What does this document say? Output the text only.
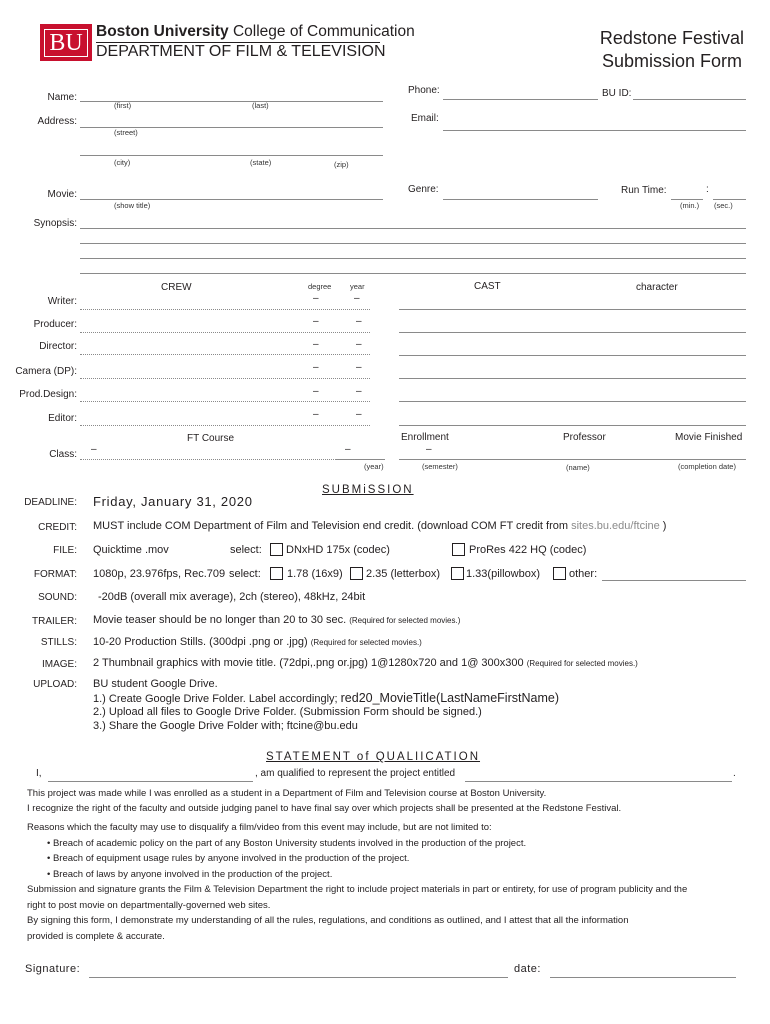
BU Boston University College of Communication
DEPARTMENT OF FILM & TELEVISION
Redstone Festival
Submission Form
Name:
(first)	(last)
Phone:	BU ID:
Address:
(street)
Email:
(city)	(state)	(zip)
Movie:
(show title)
Genre:	Run Time:	:
(min.) (sec.)
Synopsis:
CREW	degree year	CAST	character
Writer:	–	–
Producer:	–	–
Director:	–	–
Camera (DP):	–	–
Prod.Design:	–	–
Editor:	–	–
FT Course	Enrollment	Professor	Movie Finished
Class: –	–	–
(year)	(semester)	(name)	(completion date)
SUBMiSSION
DEADLINE: Friday, January 31, 2020
CREDIT: MUST include COM Department of Film and Television end credit. (download COM FT credit from sites.bu.edu/ftcine )
FILE: Quicktime .mov	select: DNxHD 175x (codec)	ProRes 422 HQ (codec)
FORMAT: 1080p, 23.976fps, Rec.709 select: 1.78 (16x9) 2.35 (letterbox) 1.33(pillowbox)	other:
SOUND: -20dB (overall mix average), 2ch (stereo), 48kHz, 24bit
TRAILER: Movie teaser should be no longer than 20 to 30 sec. (Required for selected movies.)
STILLS: 10-20 Production Stills. (300dpi .png or .jpg) (Required for selected movies.)
IMAGE: 2 Thumbnail graphics with movie title. (72dpi,.png or.jpg) 1@1280x720 and 1@ 300x300 (Required for selected movies.)
UPLOAD: BU student Google Drive.
1.) Create Google Drive Folder. Label accordingly; red20_MovieTitle(LastNameFirstName)
2.) Upload all files to Google Drive Folder. (Submission Form should be signed.)
3.) Share the Google Drive Folder with; ftcine@bu.edu
STATEMENT of QUALIICATION
I,	, am qualified to represent the project entitled	.
This project was made while I was enrolled as a student in a Department of Film and Television course at Boston University.
I recognize the right of the faculty and outside judging panel to have final say over which projects shall be presented at the Redstone Festival.
Reasons which the faculty may use to disqualify a film/video from this event may include, but are not limited to:
• Breach of academic policy on the part of any Boston University students involved in the production of the project.
• Breach of equipment usage rules by anyone involved in the production of the project.
• Breach of laws by anyone involved in the production of the project.
Submission and signature grants the Film & Television Department the right to include project materials in part or entirety, for use of program publicity and the
right to post movie on departmentally-governed web sites.
By signing this form, I demonstrate my understanding of all the rules, regulations, and conditions as outlined, and I attest that all the information
provided is complete & accurate.
Signature:	date:
